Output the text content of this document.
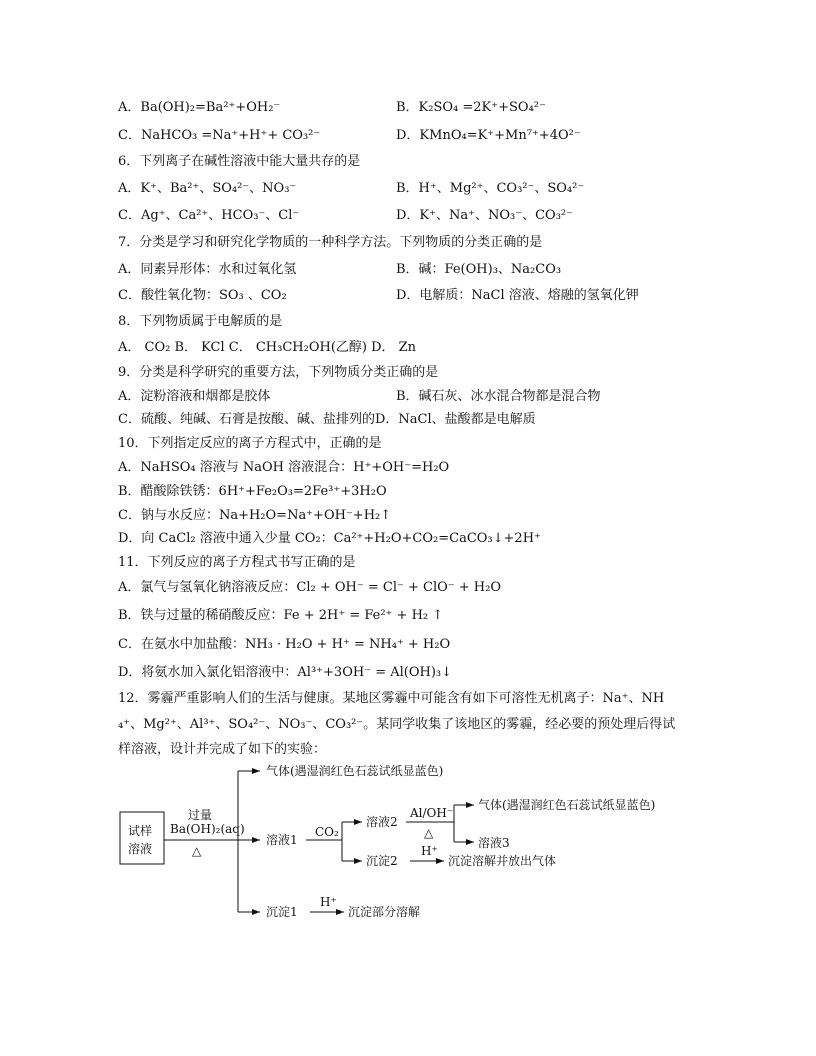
A．Ba(OH)₂=Ba²⁺+OH₂⁻	B．K₂SO₄ =2K⁺+SO₄²⁻
C．NaHCO₃ =Na⁺+H⁺+ CO₃²⁻	D．KMnO₄=K⁺+Mn⁷⁺+4O²⁻
6．下列离子在碱性溶液中能大量共存的是
A．K⁺、Ba²⁺、SO₄²⁻、NO₃⁻	B．H⁺、Mg²⁺、CO₃²⁻、SO₄²⁻
C．Ag⁺、Ca²⁺、HCO₃⁻、Cl⁻	D．K⁺、Na⁺、NO₃⁻、CO₃²⁻
7．分类是学习和研究化学物质的一种科学方法。下列物质的分类正确的是
A．同素异形体：水和过氧化氢	B．碱：Fe(OH)₃、Na₂CO₃
C．酸性氧化物：SO₃ 、CO₂	D．电解质：NaCl 溶液、熔融的氢氧化钾
8．下列物质属于电解质的是
A． CO₂ B． KCl C． CH₃CH₂OH(乙醇) D． Zn
9．分类是科学研究的重要方法，下列物质分类正确的是
A．淀粉溶液和烟都是胶体	B．碱石灰、冰水混合物都是混合物
C．硫酸、纯碱、石膏是按酸、碱、盐排列的D．NaCl、盐酸都是电解质
10．下列指定反应的离子方程式中，正确的是
A．NaHSO₄ 溶液与 NaOH 溶液混合：H⁺+OH⁻=H₂O
B．醋酸除铁锈：6H⁺+Fe₂O₃=2Fe³⁺+3H₂O
C．钠与水反应：Na+H₂O=Na⁺+OH⁻+H₂↑
D．向 CaCl₂ 溶液中通入少量 CO₂：Ca²⁺+H₂O+CO₂=CaCO₃↓+2H⁺
11．下列反应的离子方程式书写正确的是
A．氯气与氢氧化钠溶液反应：Cl₂ + OH⁻ = Cl⁻ + ClO⁻ + H₂O
B．铁与过量的稀硝酸反应：Fe + 2H⁺ = Fe²⁺ + H₂ ↑
C．在氨水中加盐酸：NH₃ · H₂O + H⁺ = NH₄⁺ + H₂O
D．将氨水加入氯化铝溶液中：Al³⁺+3OH⁻ = Al(OH)₃↓
12．雾霾严重影响人们的生活与健康。某地区雾霾中可能含有如下可溶性无机离子：Na⁺、NH
₄⁺、Mg²⁺、Al³⁺、SO₄²⁻、NO₃⁻、CO₃²⁻。某同学收集了该地区的雾霾，经必要的预处理后得试
样溶液，设计并完成了如下的实验：
试样
溶液
过量
Ba(OH)₂(aq)
△
气体(遇湿润红色石蕊试纸显蓝色)
溶液1
沉淀1
CO₂
溶液2
沉淀2
Al/OH⁻
△
气体(遇湿润红色石蕊试纸显蓝色)
溶液3
H⁺
沉淀溶解并放出气体
H⁺
沉淀部分溶解
